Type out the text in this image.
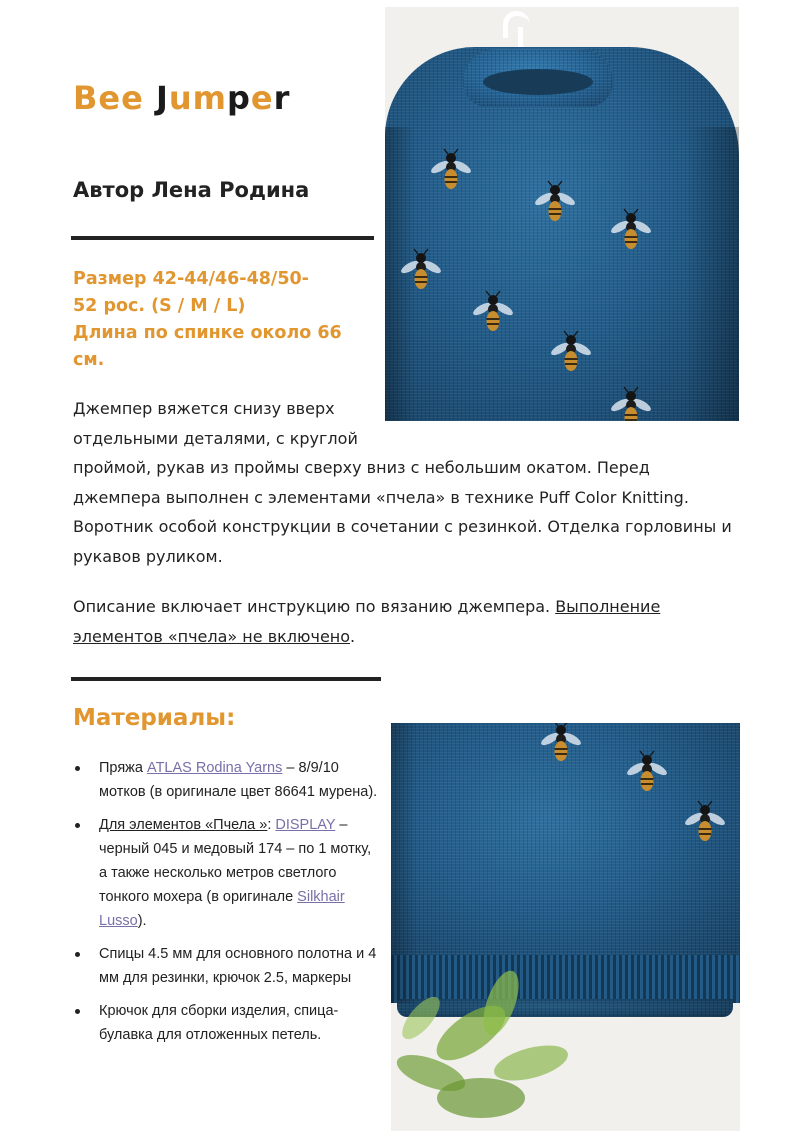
Bee Jumper
Автор Лена Родина

Размер 42-44/46-48/50-
52 рос. (S / M / L)
Длина по спинке около 66
см.

Джемпер вяжется снизу вверх отдельными деталями, с круглой проймой, рукав из проймы сверху вниз с небольшим окатом. Перед джемпера выполнен с элементами «пчела» в технике Puff Color Knitting. Воротник особой конструкции в сочетании с резинкой. Отделка горловины и рукавов руликом.

Описание включает инструкцию по вязанию джемпера. Выполнение элементов «пчела» не включено.

Материалы:
Пряжа ATLAS Rodina Yarns – 8/9/10 мотков (в оригинале цвет 86641 мурена).
Для элементов «Пчела »: DISPLAY – черный 045 и медовый 174 – по 1 мотку, а также несколько метров светлого тонкого мохера (в оригинале Silkhair Lusso).
Спицы 4.5 мм для основного полотна и 4 мм для резинки, крючок 2.5, маркеры
Крючок для сборки изделия, спица-булавка для отложенных петель.
